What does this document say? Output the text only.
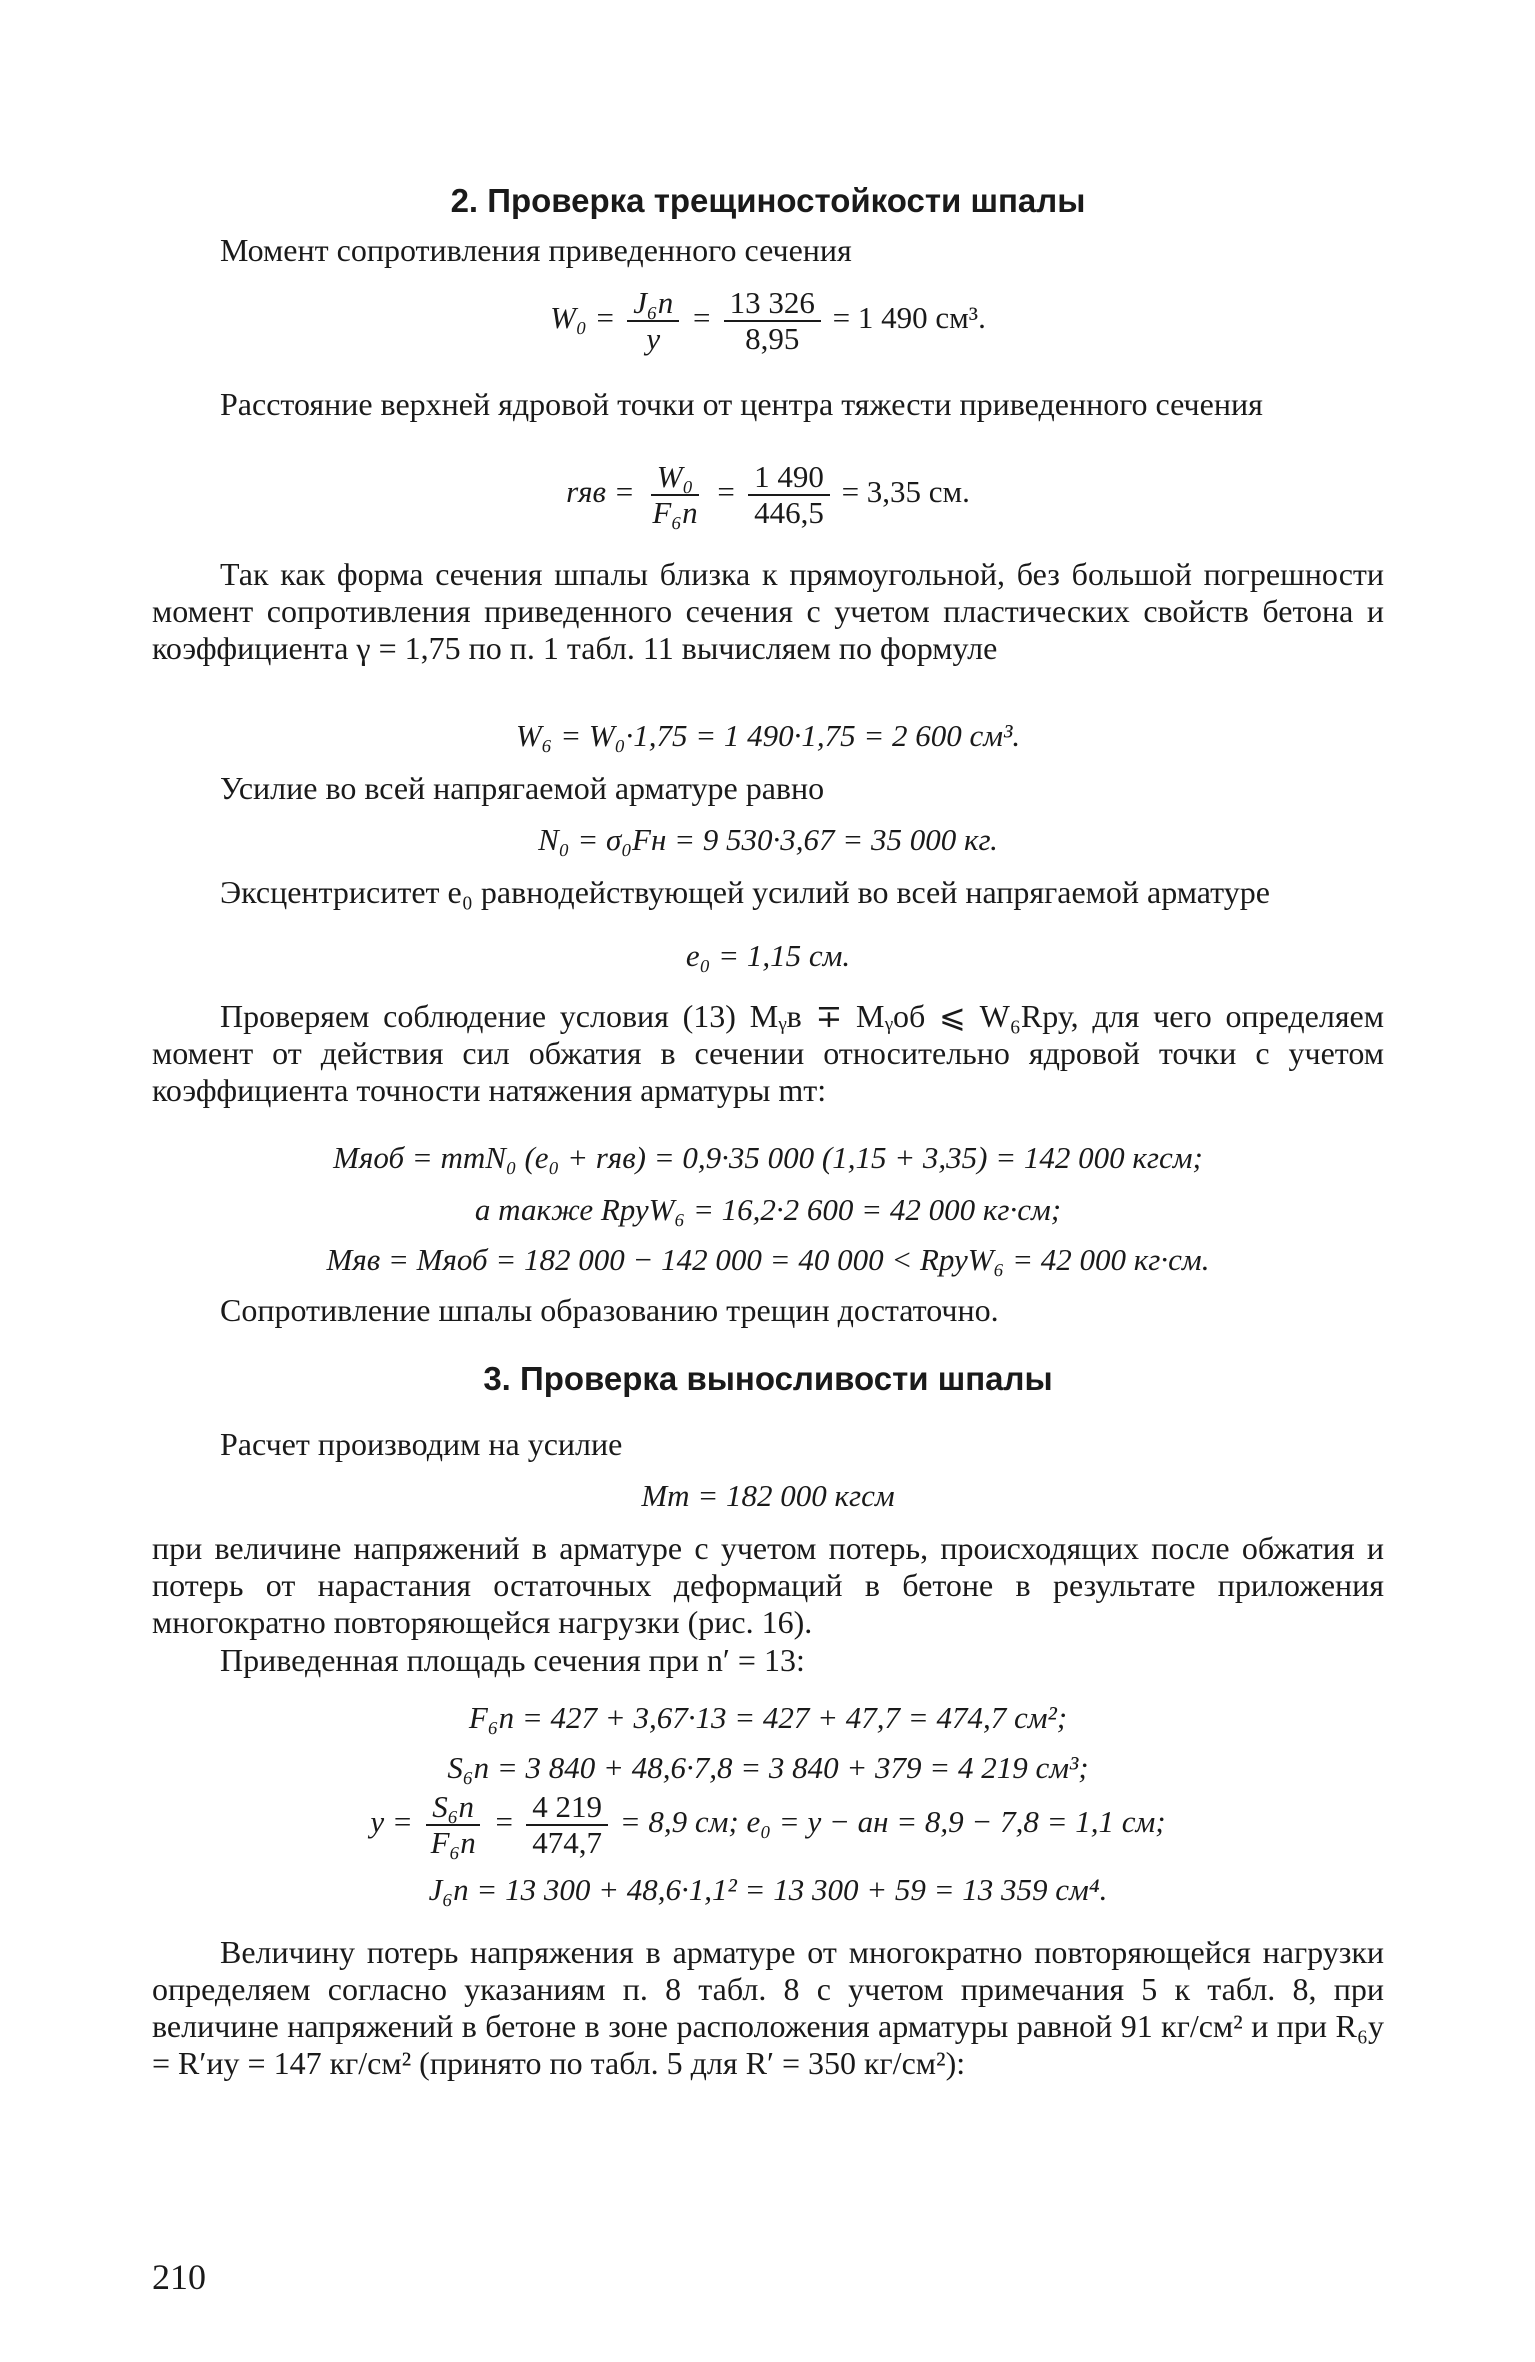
2. Проверка трещиностойкости шпалы

Момент сопротивления приведенного сечения

$W_0 = \frac{\text{J₆п}}{y} = \frac{13 326}{8,95} = 1$ 490 см³.

Расстояние верхней ядровой точки от центра тяжести приведенного сечения

rяв = $\frac{\text{W₀}}{\text{F₆п}} = \frac{1 490}{446,5} = 3,35$ см.

Так как форма сечения шпалы близка к прямоугольной, без большой погрешности момент сопротивления приведенного сечения с учетом пластических свойств бетона и коэффициента γ = 1,75 по п. 1 табл. 11 вычисляем по формуле

W₆ = W₀·1,75 = 1 490·1,75 = 2 600 см³.

Усилие во всей напрягаемой арматуре равно

N₀ = σ₀Fн = 9 530·3,67 = 35 000 кг.

Эксцентриситет e₀ равнодействующей усилий во всей напрягаемой арматуре

e₀ = 1,15 см.

Проверяем соблюдение условия (13) Mᵧв ∓ Mᵧоб ⩽ W₆Rру, для чего определяем момент от действия сил обжатия в сечении относительно ядровой точки с учетом коэффициента точности натяжения арматуры mт:

Mяоб = mтN₀ (e₀ + rяв) = 0,9·35 000 (1,15 + 3,35) = 142 000 кгсм;

а также RруW₆ = 16,2·2 600 = 42 000 кг·см;

Mяв = Mяоб = 182 000 − 142 000 = 40 000 < RруW₆ = 42 000 кг·см.

Сопротивление шпалы образованию трещин достаточно.

3. Проверка выносливости шпалы

Расчет производим на усилие

Mт = 182 000 кгсм

при величине напряжений в арматуре с учетом потерь, происходящих после обжатия и потерь от нарастания остаточных деформаций в бетоне в результате приложения многократно повторяющейся нагрузки (рис. 16).

Приведенная площадь сечения при n′ = 13:

F₆п = 427 + 3,67·13 = 427 + 47,7 = 474,7 см²;

S₆п = 3 840 + 48,6·7,8 = 3 840 + 379 = 4 219 см³;

$y = \frac{\text{S₆п}}{\text{F₆п}} = \frac{4 219}{474,7} = 8,9$ см; e₀ = y − aн = 8,9 − 7,8 = 1,1 см;

J₆п = 13 300 + 48,6·1,1² = 13 300 + 59 = 13 359 см⁴.

Величину потерь напряжения в арматуре от многократно повторяющейся нагрузки определяем согласно указаниям п. 8 табл. 8 с учетом примечания 5 к табл. 8, при величине напряжений в бетоне в зоне расположения арматуры равной 91 кг/см² и при R₆у = R′иу = 147 кг/см² (принято по табл. 5 для R′ = 350 кг/см²):

210
